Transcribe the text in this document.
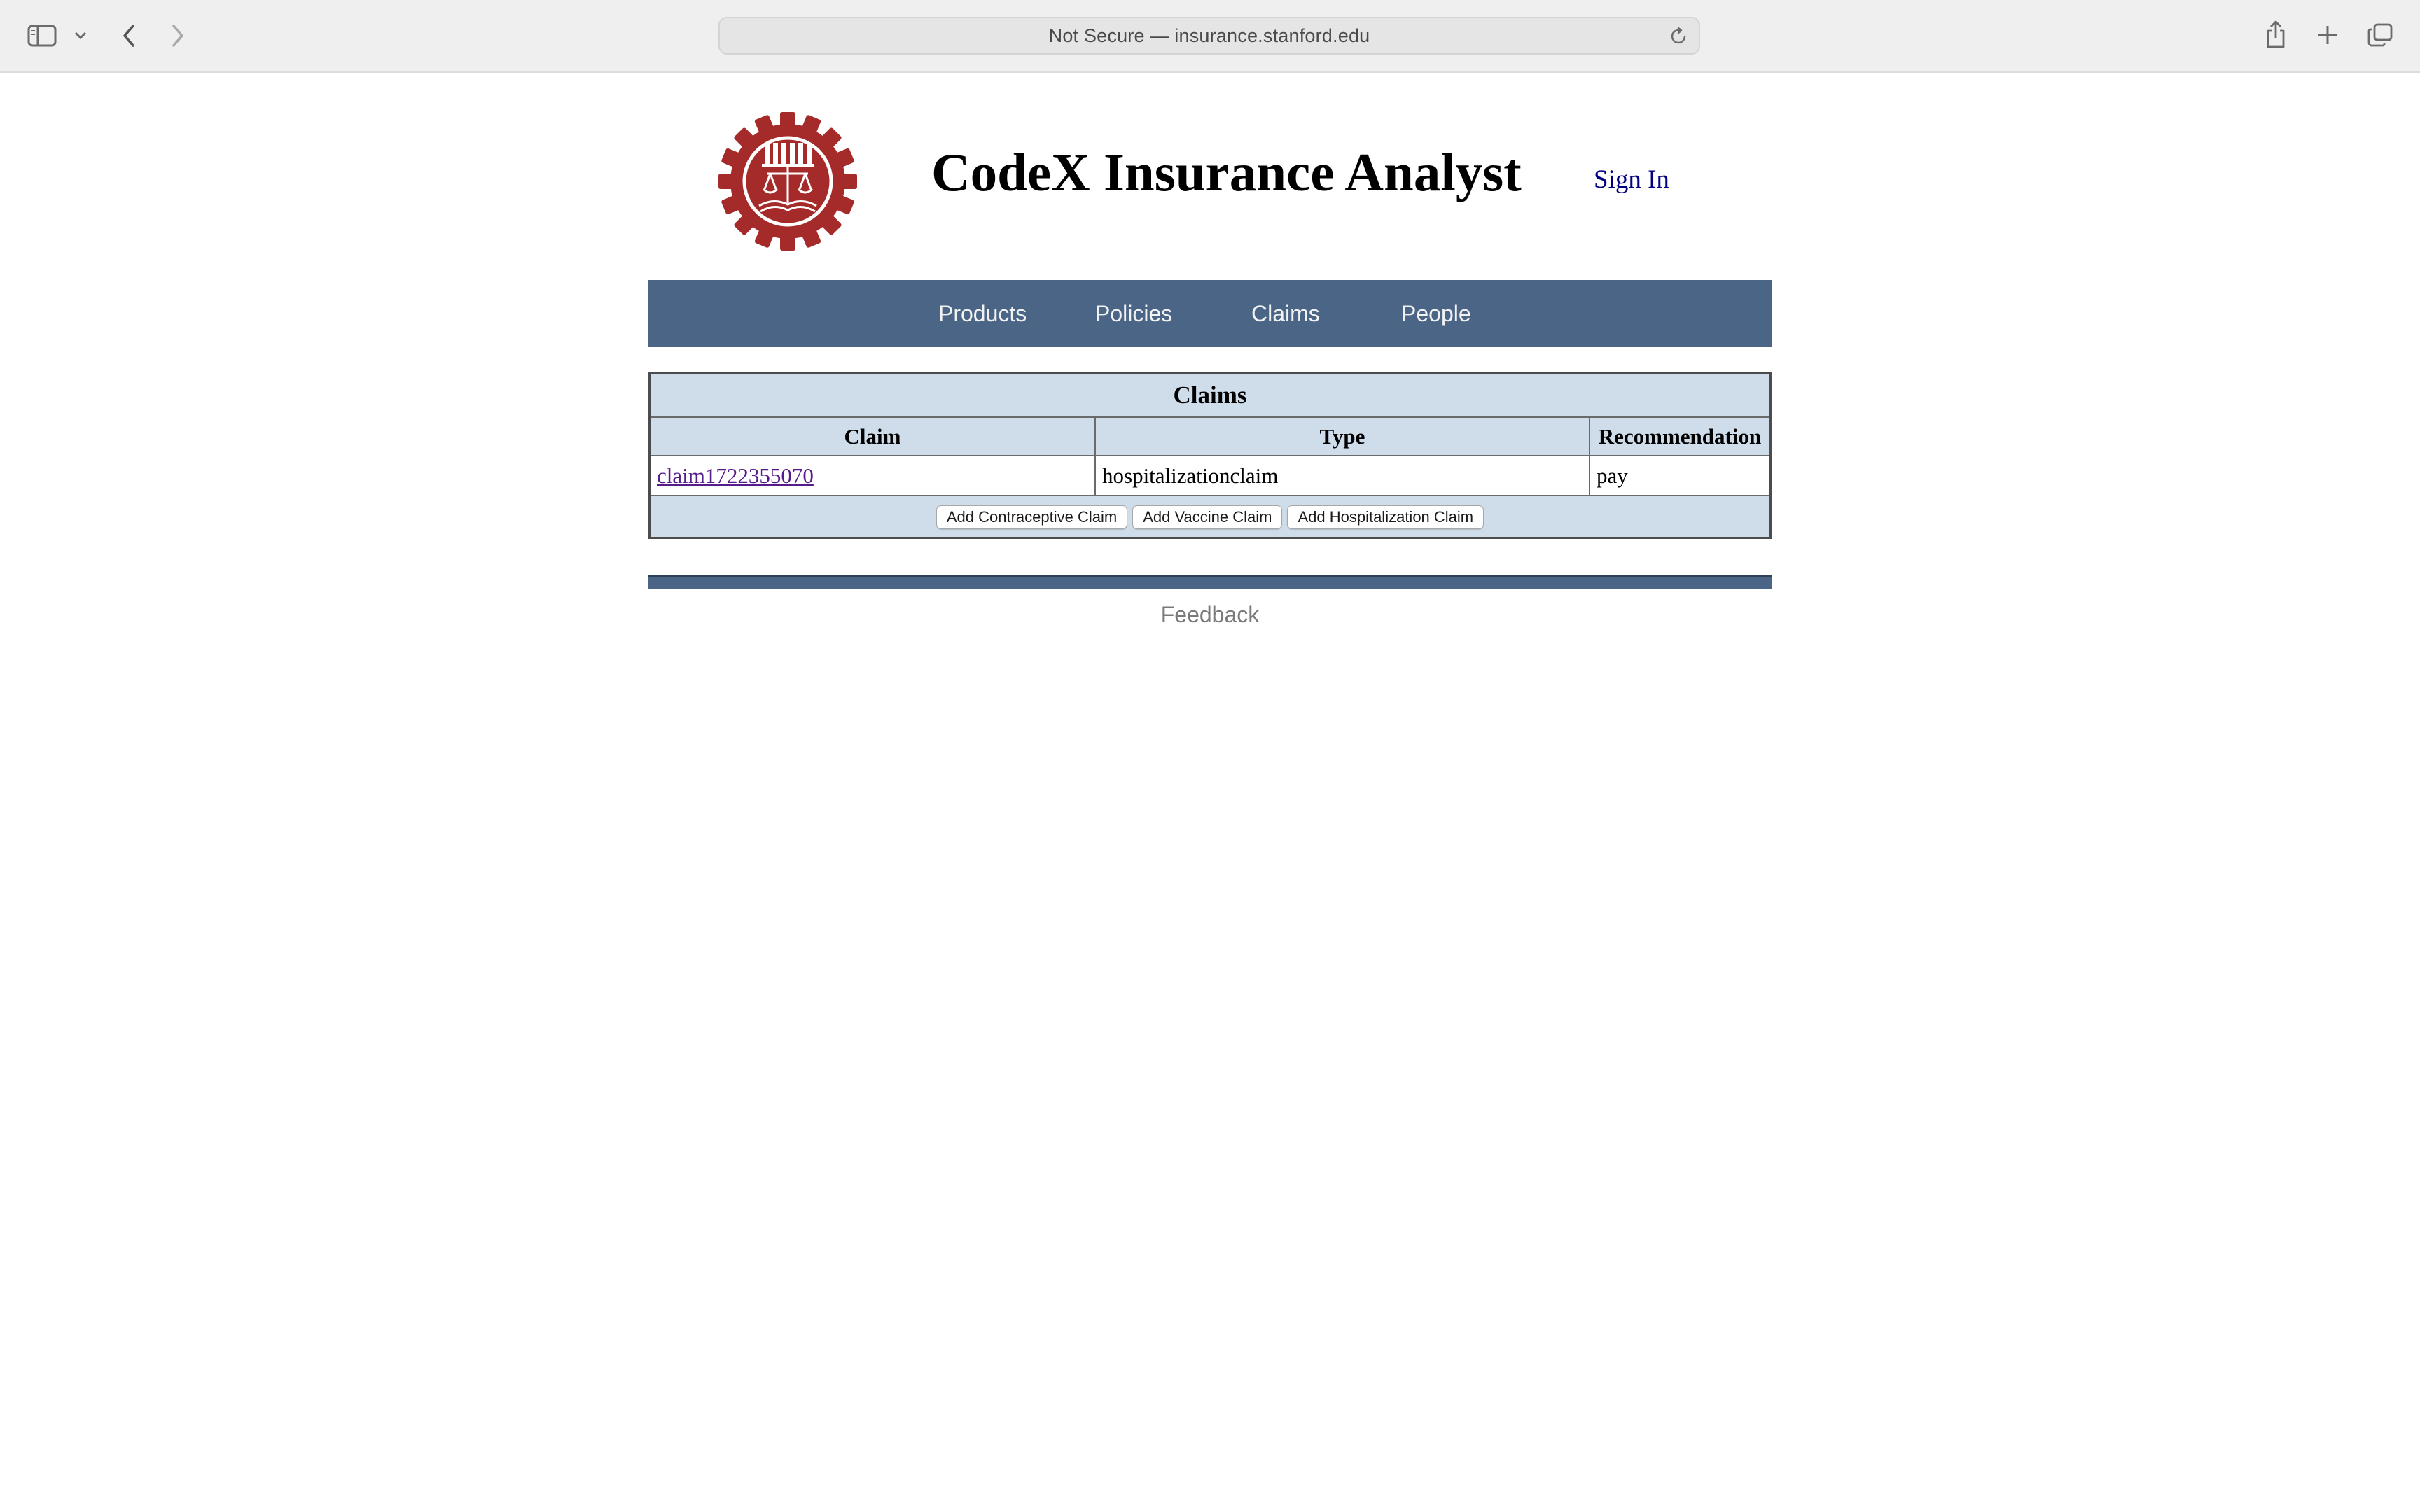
Not Secure — insurance.stanford.edu
CodeX Insurance Analyst	Sign In
Products	Policies	Claims	People
Claims
Claim	Type	Recommendation
claim1722355070	hospitalizationclaim	pay
Add Contraceptive Claim	Add Vaccine Claim	Add Hospitalization Claim
Feedback
